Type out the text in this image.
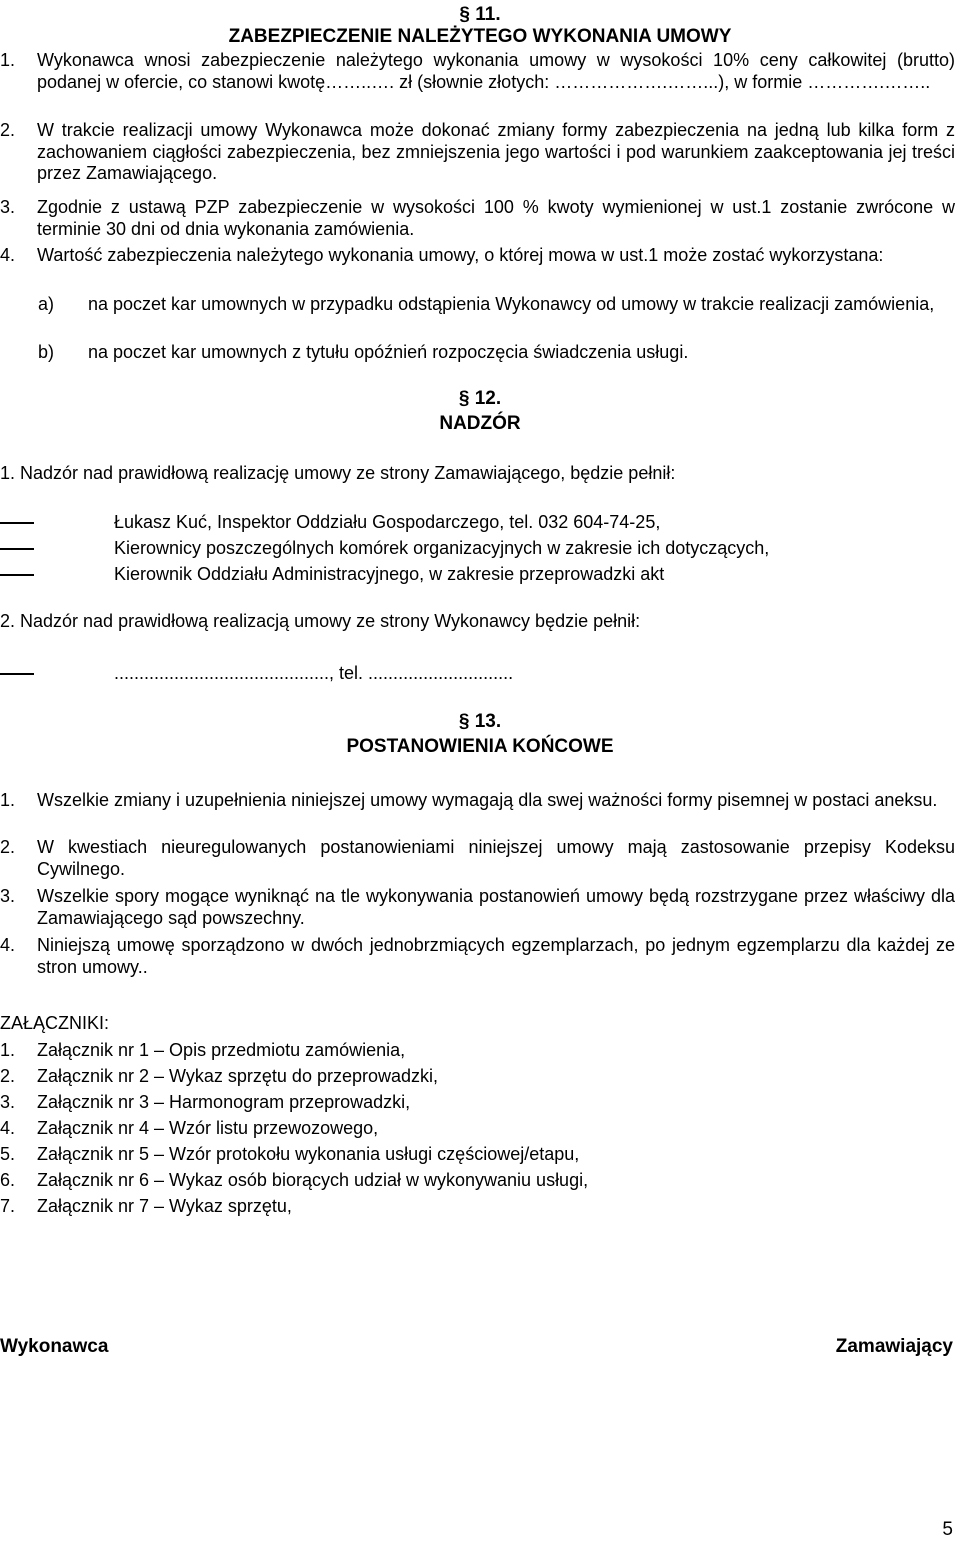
§ 11.
ZABEZPIECZENIE NALEŻYTEGO WYKONANIA UMOWY
1. Wykonawca wnosi zabezpieczenie należytego wykonania umowy w wysokości 10% ceny całkowitej (brutto) podanej w ofercie, co stanowi kwotę……..…. zł (słownie złotych: ……………….……...), w formie ………….……..
2. W trakcie realizacji umowy Wykonawca może dokonać zmiany formy zabezpieczenia na jedną lub kilka form z zachowaniem ciągłości zabezpieczenia, bez zmniejszenia jego wartości i pod warunkiem zaakceptowania jej treści przez Zamawiającego.
3. Zgodnie z ustawą PZP zabezpieczenie w wysokości 100 % kwoty wymienionej w ust.1 zostanie zwrócone w terminie 30 dni od dnia wykonania zamówienia.
4. Wartość zabezpieczenia należytego wykonania umowy, o której mowa w ust.1 może zostać wykorzystana:
a) na poczet kar umownych w przypadku odstąpienia Wykonawcy od umowy w trakcie realizacji zamówienia,
b) na poczet kar umownych z tytułu opóźnień rozpoczęcia świadczenia usługi.
§ 12.
NADZÓR
1. Nadzór nad prawidłową realizację umowy ze strony Zamawiającego, będzie pełnił:
Łukasz Kuć, Inspektor Oddziału Gospodarczego, tel. 032 604-74-25,
Kierownicy poszczególnych komórek organizacyjnych w zakresie ich dotyczących,
Kierownik Oddziału Administracyjnego, w zakresie przeprowadzki akt
2. Nadzór nad prawidłową realizacją umowy ze strony Wykonawcy będzie pełnił:
..........................................., tel. .............................
§ 13.
POSTANOWIENIA KOŃCOWE
1. Wszelkie zmiany i uzupełnienia niniejszej umowy wymagają dla swej ważności formy pisemnej w postaci aneksu.
2. W kwestiach nieuregulowanych postanowieniami niniejszej umowy mają zastosowanie przepisy Kodeksu Cywilnego.
3. Wszelkie spory mogące wyniknąć na tle wykonywania postanowień umowy będą rozstrzygane przez właściwy dla Zamawiającego sąd powszechny.
4. Niniejszą umowę sporządzono w dwóch jednobrzmiących egzemplarzach, po jednym egzemplarzu dla każdej ze stron umowy..
ZAŁĄCZNIKI:
1. Załącznik nr 1 – Opis przedmiotu zamówienia,
2. Załącznik nr 2 – Wykaz sprzętu do przeprowadzki,
3. Załącznik nr 3 – Harmonogram przeprowadzki,
4. Załącznik nr 4 – Wzór listu przewozowego,
5. Załącznik nr 5 – Wzór protokołu wykonania usługi częściowej/etapu,
6. Załącznik nr 6 – Wykaz osób biorących udział w wykonywaniu usługi,
7. Załącznik nr 7 – Wykaz sprzętu,
Wykonawca	Zamawiający
5
